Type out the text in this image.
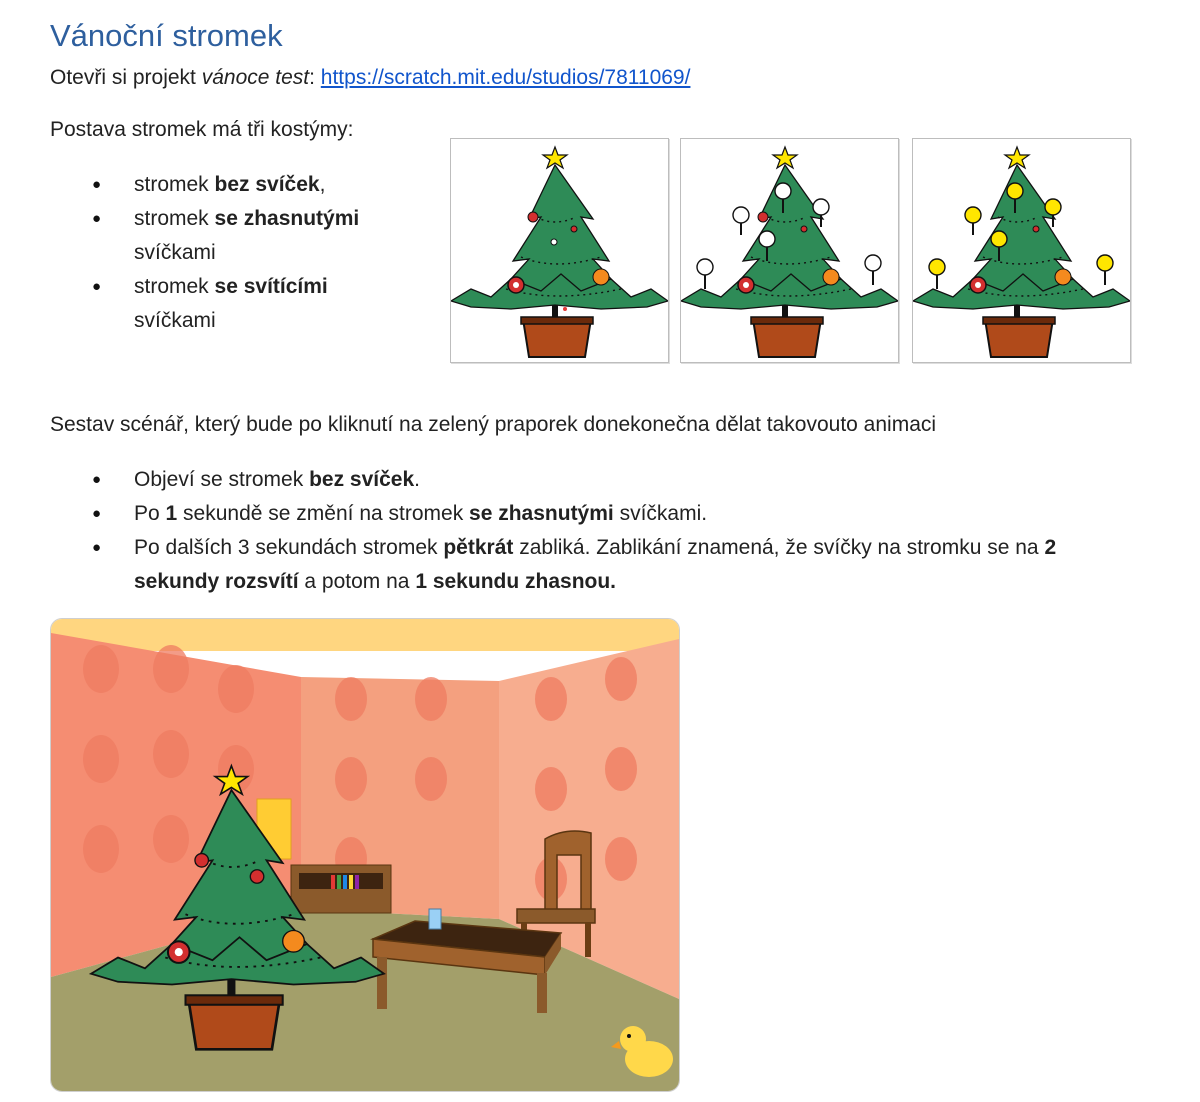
Vánoční stromek
Otevři si projekt vánoce test: https://scratch.mit.edu/studios/7811069/
Postava stromek má tři kostýmy:
● stromek bez svíček,
● stromek se zhasnutými
svíčkami
● stromek se svítícími
svíčkami
Sestav scénář, který bude po kliknutí na zelený praporek donekonečna dělat takovouto animaci
● Objeví se stromek bez svíček.
● Po 1 sekundě se změní na stromek se zhasnutými svíčkami.
● Po dalších 3 sekundách stromek pětkrát zabliká. Zablikání znamená, že svíčky na stromku se na 2
sekundy rozsvítí a potom na 1 sekundu zhasnou.
